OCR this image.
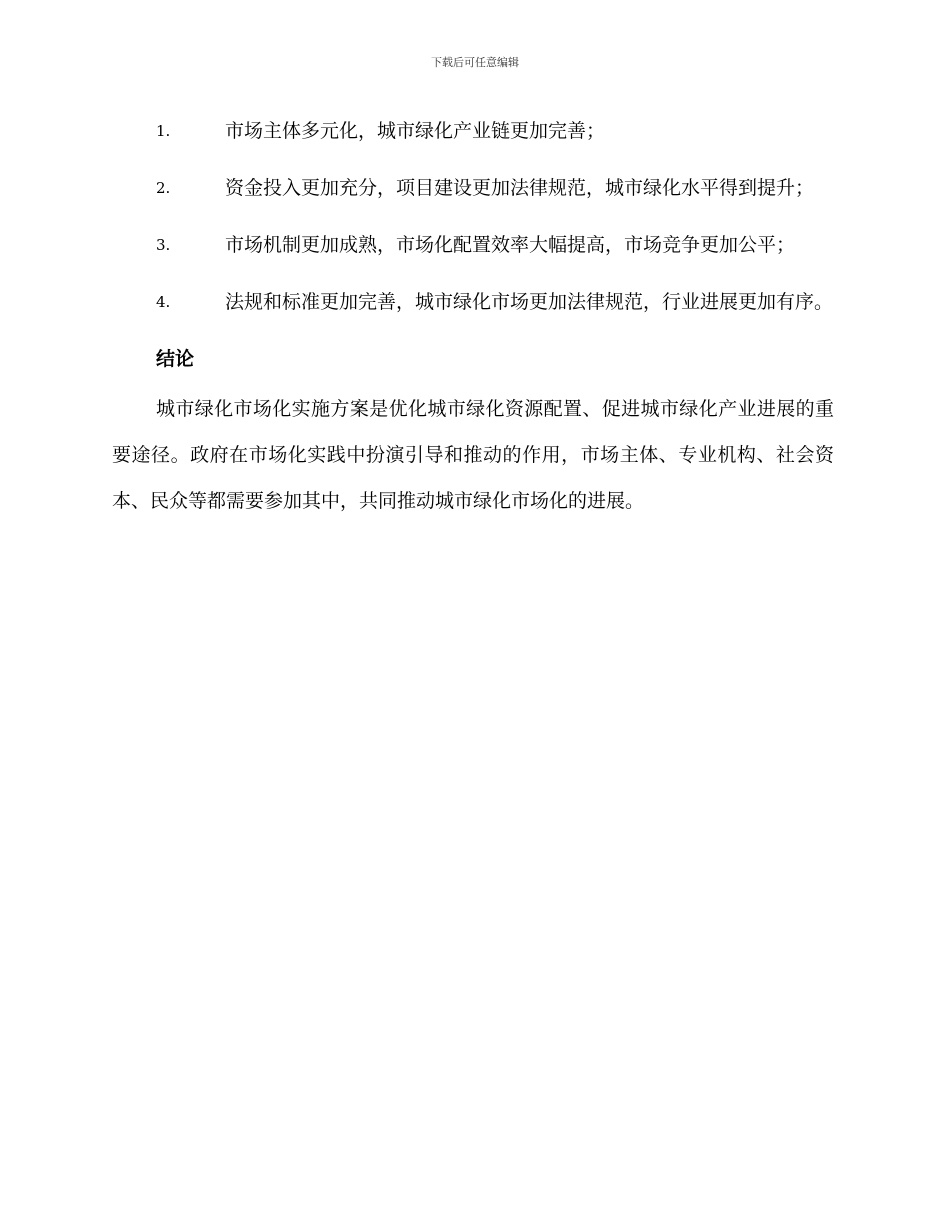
下载后可任意编辑
1.	市场主体多元化，城市绿化产业链更加完善；
2.	资金投入更加充分，项目建设更加法律规范，城市绿化水平得到提升；
3.	市场机制更加成熟，市场化配置效率大幅提高，市场竞争更加公平；
4.	法规和标准更加完善，城市绿化市场更加法律规范，行业进展更加有序。
结论

城市绿化市场化实施方案是优化城市绿化资源配置、促进城市绿化产业进展的重要途径。政府在市场化实践中扮演引导和推动的作用，市场主体、专业机构、社会资本、民众等都需要参加其中，共同推动城市绿化市场化的进展。
